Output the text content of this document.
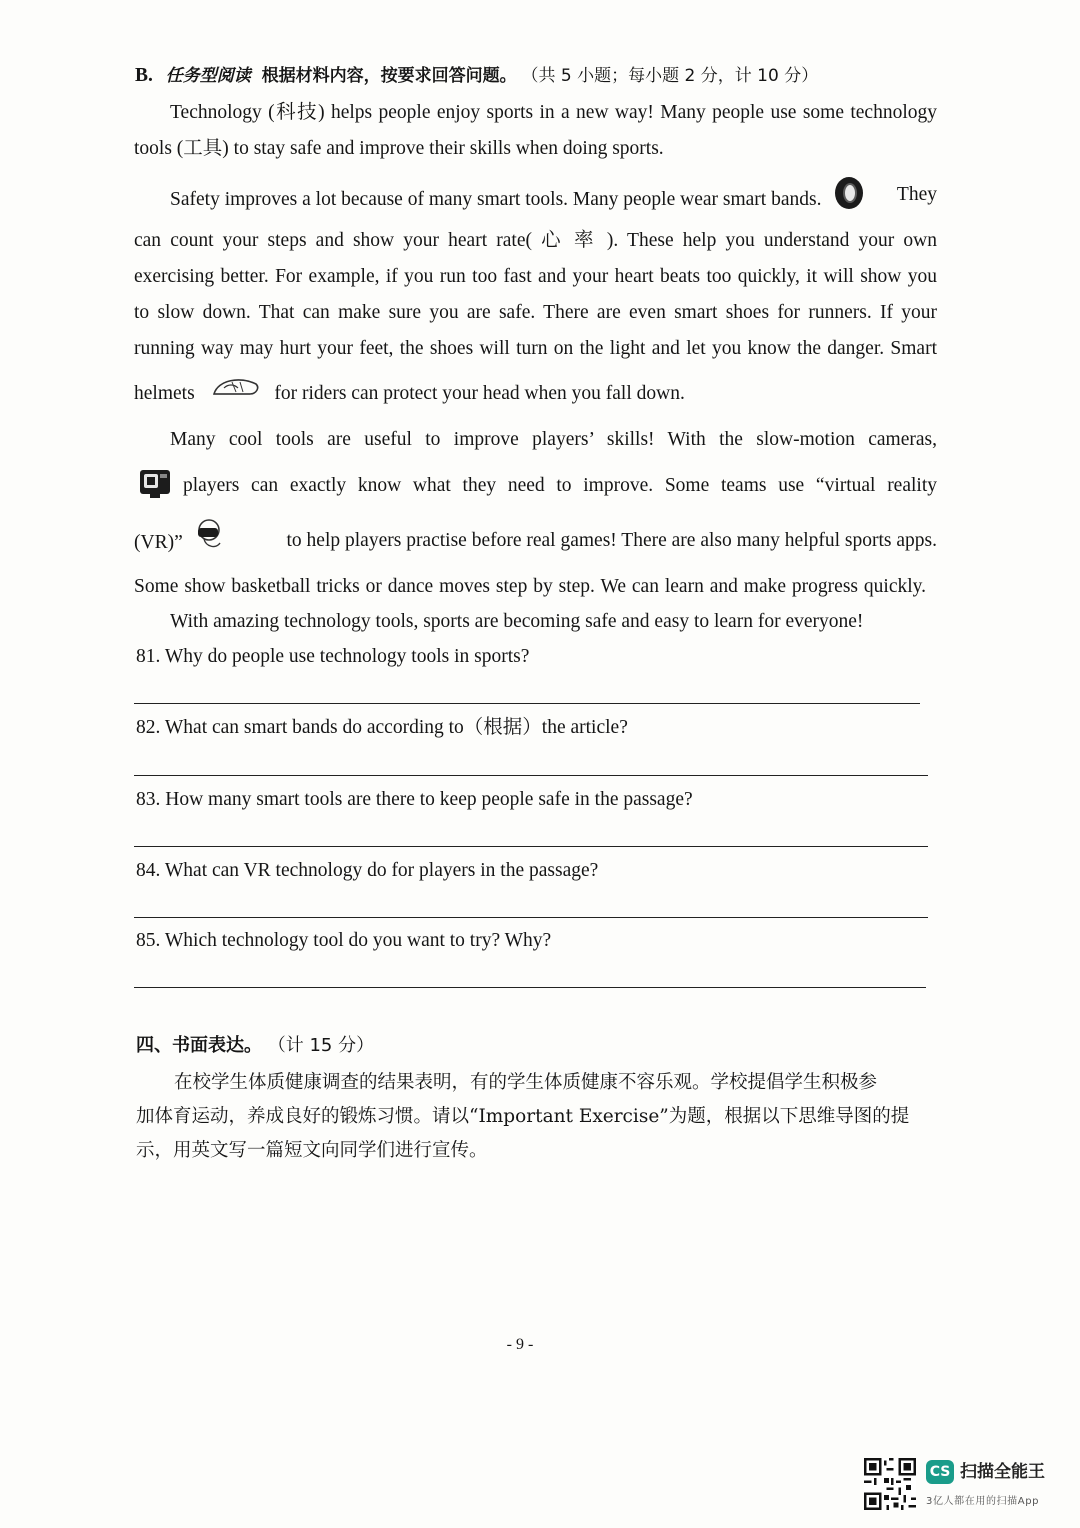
B. 任务型阅读 根据材料内容，按要求回答问题。 （共 5 小题；每小题 2 分，计 10 分）
Technology (科技) helps people enjoy sports in a new way! Many people use some technology
tools (工具) to stay safe and improve their skills when doing sports.
Safety improves a lot because of many smart tools. Many people wear smart bands.	They
can count your steps and show your heart rate( 心 率 ). These help you understand your own
exercising better. For example, if you run too fast and your heart beats too quickly, it will show you
to slow down. That can make sure you are safe. There are even smart shoes for runners. If your
running way may hurt your feet, the shoes will turn on the light and let you know the danger. Smart
helmets	for riders can protect your head when you fall down.
Many cool tools are useful to improve players’ skills! With the slow-motion cameras,
players can exactly know what they need to improve. Some teams use “virtual reality
(VR)”	to help players practise before real games! There are also many helpful sports apps.
Some show basketball tricks or dance moves step by step. We can learn and make progress quickly.
With amazing technology tools, sports are becoming safe and easy to learn for everyone!
81. Why do people use technology tools in sports?
82. What can smart bands do according to（根据）the article?
83. How many smart tools are there to keep people safe in the passage?
84. What can VR technology do for players in the passage?
85. Which technology tool do you want to try? Why?
四、书面表达。 （计 15 分）
在校学生体质健康调查的结果表明，有的学生体质健康不容乐观。学校提倡学生积极参
加体育运动，养成良好的锻炼习惯。请以“Important Exercise”为题，根据以下思维导图的提
示，用英文写一篇短文向同学们进行宣传。
- 9 -
CS 扫描全能王
3亿人都在用的扫描App
